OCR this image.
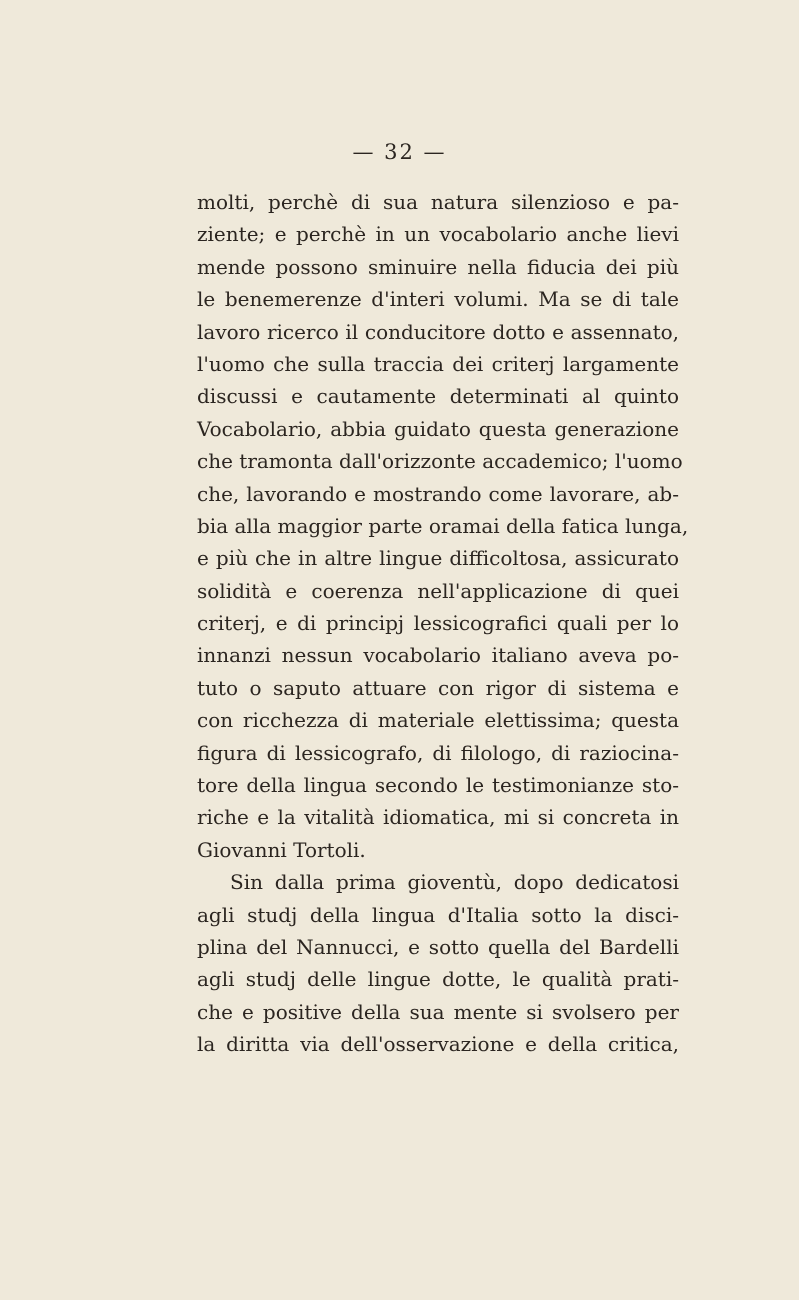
— 32 —
molti, perchè di sua natura silenzioso e pa-
ziente; e perchè in un vocabolario anche lievi
mende possono sminuire nella fiducia dei più
le benemerenze d'interi volumi. Ma se di tale
lavoro ricerco il conducitore dotto e assennato,
l'uomo che sulla traccia dei criterj largamente
discussi e cautamente determinati al quinto
Vocabolario, abbia guidato questa generazione
che tramonta dall'orizzonte accademico; l'uomo
che, lavorando e mostrando come lavorare, ab-
bia alla maggior parte oramai della fatica lunga,
e più che in altre lingue difficoltosa, assicurato
solidità e coerenza nell'applicazione di quei
criterj, e di principj lessicografici quali per lo
innanzi nessun vocabolario italiano aveva po-
tuto o saputo attuare con rigor di sistema e
con ricchezza di materiale elettissima; questa
figura di lessicografo, di filologo, di raziocina-
tore della lingua secondo le testimonianze sto-
riche e la vitalità idiomatica, mi si concreta in
Giovanni Tortoli.
Sin dalla prima gioventù, dopo dedicatosi
agli studj della lingua d'Italia sotto la disci-
plina del Nannucci, e sotto quella del Bardelli
agli studj delle lingue dotte, le qualità prati-
che e positive della sua mente si svolsero per
la diritta via dell'osservazione e della critica,
